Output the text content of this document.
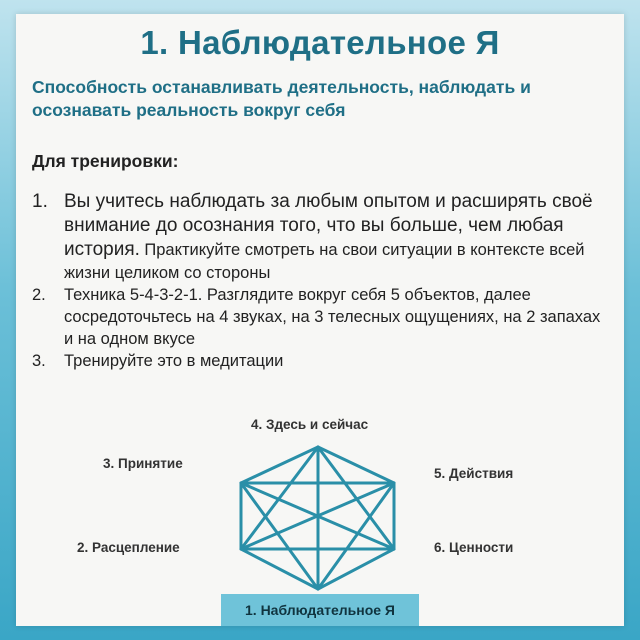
1. Наблюдательное Я
Способность останавливать деятельность, наблюдать и осознавать реальность вокруг себя
Для тренировки:
1. Вы учитесь наблюдать за любым опытом и расширять своё внимание до осознания того, что вы больше, чем любая история. Практикуйте смотреть на свои ситуации в контексте всей жизни целиком со стороны
2. Техника 5-4-3-2-1. Разглядите вокруг себя 5 объектов, далее сосредоточьтесь на 4 звуках, на 3 телесных ощущениях, на 2 запахах и на одном вкусе
3. Тренируйте это в медитации
4. Здесь и сейчас
3. Принятие
5. Действия
2. Расцепление	6. Ценности
1. Наблюдательное Я
